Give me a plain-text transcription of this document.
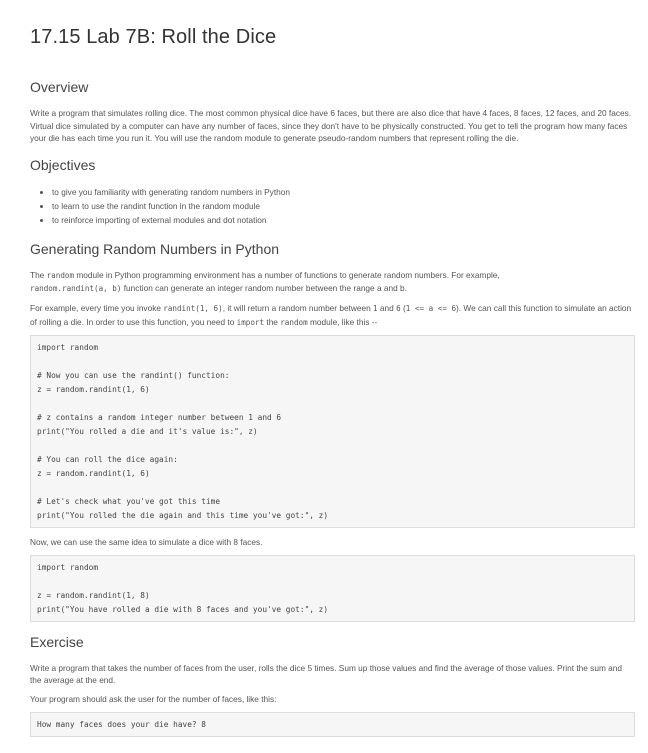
17.15 Lab 7B: Roll the Dice
Overview

Write a program that simulates rolling dice. The most common physical dice have 6 faces, but there are also dice that have 4 faces, 8 faces, 12 faces, and 20 faces. Virtual dice simulated by a computer can have any number of faces, since they don't have to be physically constructed. You get to tell the program how many faces your die has each time you run it. You will use the random module to generate pseudo-random numbers that represent rolling the die.

Objectives
• to give you familiarity with generating random numbers in Python
• to learn to use the randint function in the random module
• to reinforce importing of external modules and dot notation
Generating Random Numbers in Python

The random module in Python programming environment has a number of functions to generate random numbers. For example,
random.randint(a, b) function can generate an integer random number between the range a and b.

For example, every time you invoke randint(1, 6), it will return a random number between 1 and 6 (1 <= a <= 6). We can call this function to simulate an action of rolling a die. In order to use this function, you need to import the random module, like this --

import random

# Now you can use the randint() function:
z = random.randint(1, 6)

# z contains a random integer number between 1 and 6
print("You rolled a die and it's value is:", z)

# You can roll the dice again:
z = random.randint(1, 6)

# Let's check what you've got this time
print("You rolled the die again and this time you've got:", z)

Now, we can use the same idea to simulate a dice with 8 faces.

import random

z = random.randint(1, 8)
print("You have rolled a die with 8 faces and you've got:", z)
Exercise

Write a program that takes the number of faces from the user, rolls the dice 5 times. Sum up those values and find the average of those values. Print the sum and the average at the end.

Your program should ask the user for the number of faces, like this:

How many faces does your die have? 8
